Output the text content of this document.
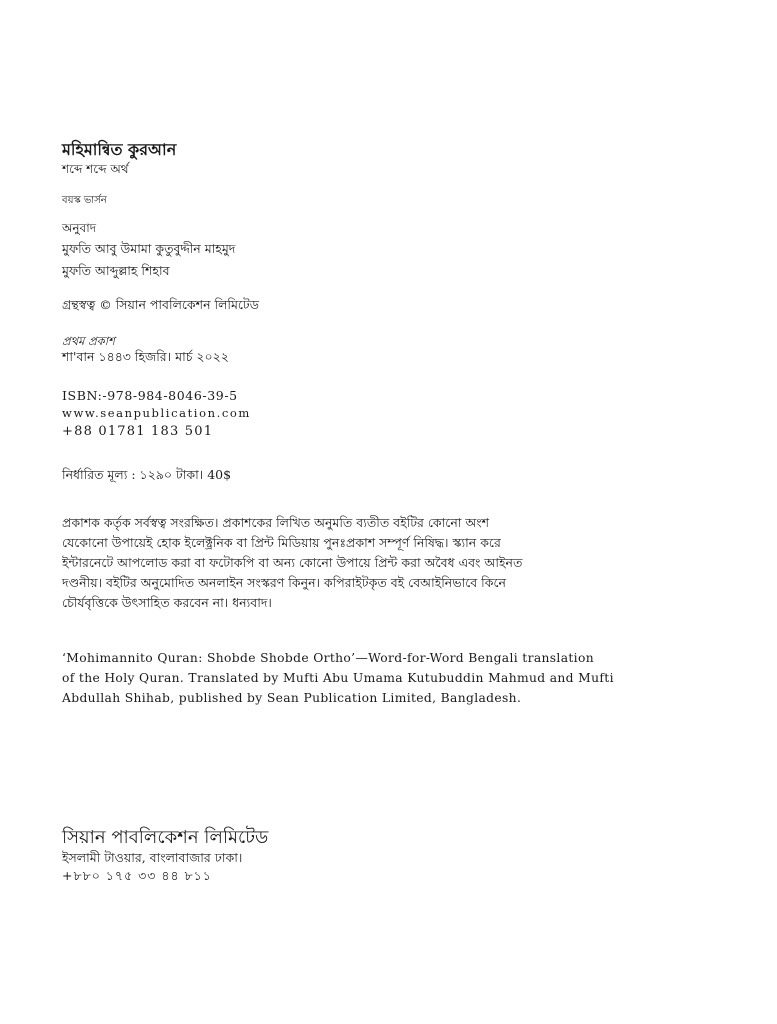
মহিমান্বিত কুরআন

শব্দে শব্দে অর্থ

বয়স্ক ভার্সন

অনুবাদ

মুফতি আবু উমামা কুতুবুদ্দীন মাহমুদ

মুফতি আব্দুল্লাহ শিহাব

গ্রন্থস্বত্ব © সিয়ান পাবলিকেশন লিমিটেড

প্রথম প্রকাশ

শা'বান ১৪৪৩ হিজরি। মার্চ ২০২২

ISBN:-978-984-8046-39-5

www.seanpublication.com

+88 01781 183 501

নির্ধারিত মূল্য : ১২৯০ টাকা। 40$

প্রকাশক কর্তৃক সর্বস্বত্ব সংরক্ষিত। প্রকাশকের লিখিত অনুমতি ব্যতীত বইটির কোনো অংশ
যেকোনো উপায়েই হোক ইলেক্ট্রনিক বা প্রিন্ট মিডিয়ায় পুনঃপ্রকাশ সম্পূর্ণ নিষিদ্ধ। স্ক্যান করে
ইন্টারনেটে আপলোড করা বা ফটোকপি বা অন্য কোনো উপায়ে প্রিন্ট করা অবৈধ এবং আইনত
দণ্ডনীয়। বইটির অনুমোদিত অনলাইন সংস্করণ কিনুন। কপিরাইটকৃত বই বেআইনিভাবে কিনে
চৌর্যবৃত্তিকে উৎসাহিত করবেন না। ধন্যবাদ।
‘Mohimannito Quran: Shobde Shobde Ortho’—Word-for-Word Bengali translation
of the Holy Quran. Translated by Mufti Abu Umama Kutubuddin Mahmud and Mufti
Abdullah Shihab, published by Sean Publication Limited, Bangladesh.

সিয়ান পাবলিকেশন লিমিটেড

ইসলামী টাওয়ার, বাংলাবাজার ঢাকা।

+৮৮০ ১৭৫ ৩৩ ৪৪ ৮১১
